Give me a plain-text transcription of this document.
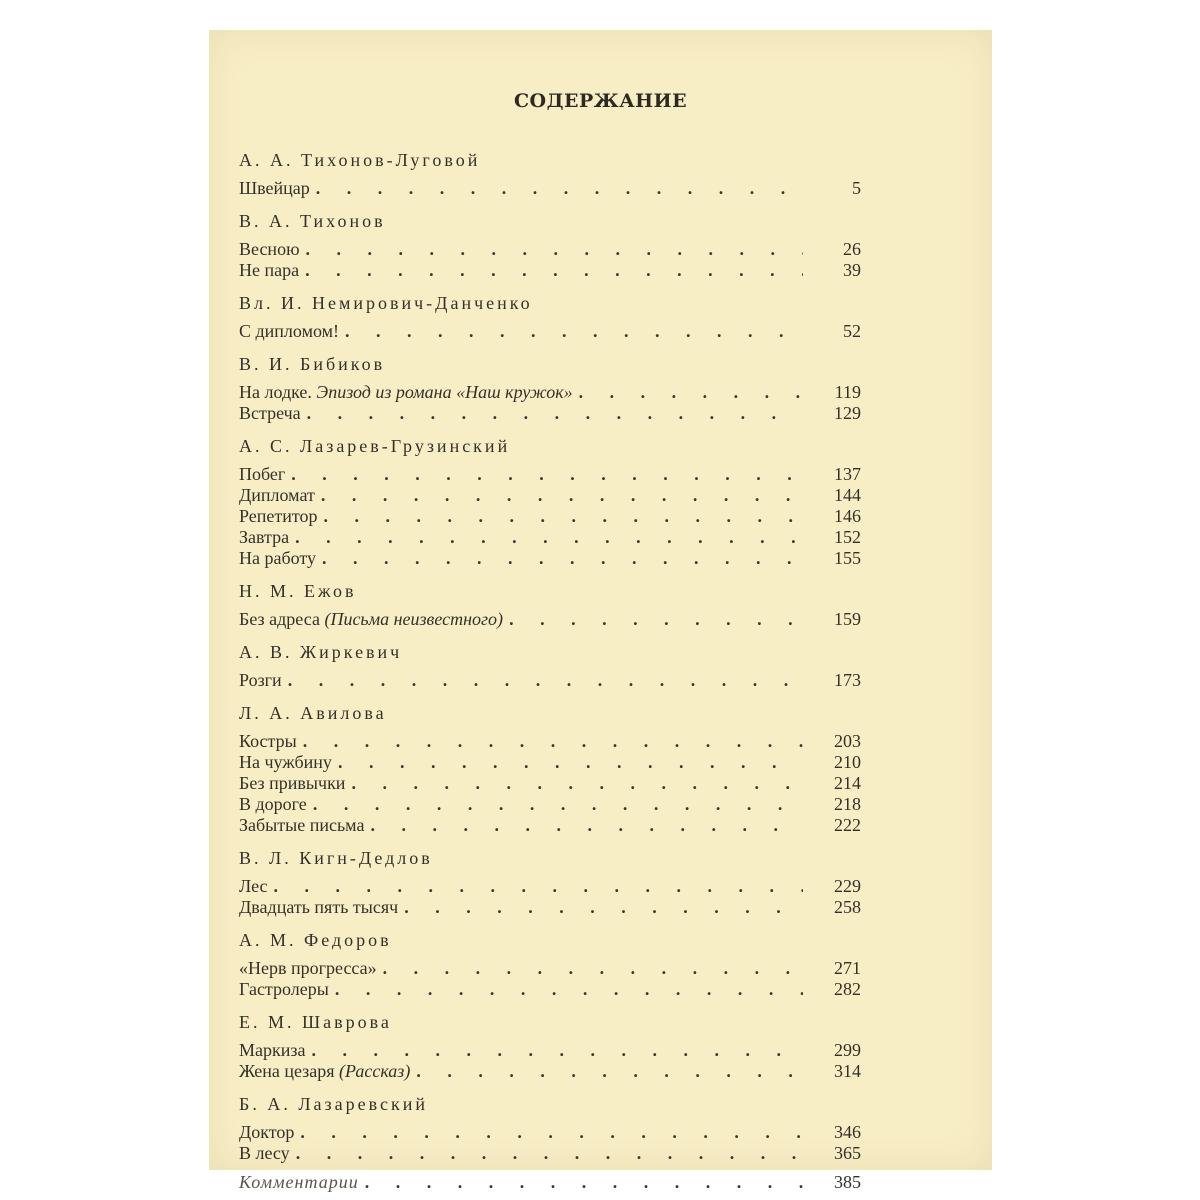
СОДЕРЖАНИЕ
А. А. Тихонов-Луговой
Швейцар . . .	5
В. А. Тихонов
Весною . . .	26
Не пара . . .	39
Вл. И. Немирович-Данченко
С дипломом! . . .	52
В. И. Бибиков
На лодке. Эпизод из романа «Наш кружок» . . .	119
Встреча . . .	129
А. С. Лазарев-Грузинский
Побег . . .	137
Дипломат . . .	144
Репетитор . . .	146
Завтра . . .	152
На работу . . .	155
Н. М. Ежов
Без адреса (Письма неизвестного) . . .	159
А. В. Жиркевич
Розги . . .	173
Л. А. Авилова
Костры . . .	203
На чужбину . . .	210
Без привычки . . .	214
В дороге . . .	218
Забытые письма . . .	222
В. Л. Кигн-Дедлов
Лес . . .	229
Двадцать пять тысяч . . .	258
А. М. Федоров
«Нерв прогресса» . . .	271
Гастролеры . . .	282
Е. М. Шаврова
Маркиза . . .	299
Жена цезаря (Рассказ) . . .	314
Б. А. Лазаревский
Доктор . . .	346
В лесу . . .	365
Комментарии . . .	385
